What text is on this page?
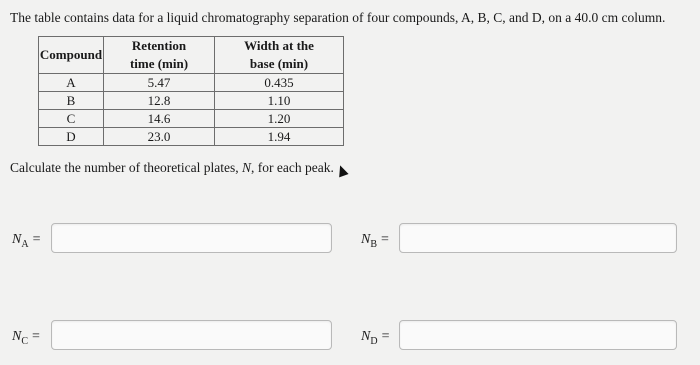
The table contains data for a liquid chromatography separation of four compounds, A, B, C, and D, on a 40.0 cm column.
Compound	Retention	Width at the
	time (min)	base (min)
A	5.47	0.435
B	12.8	1.10
C	14.6	1.20
D	23.0	1.94
Calculate the number of theoretical plates, N, for each peak.
$N_A$ =	$N_B$ =
$N_C$ =	$N_D$ =
